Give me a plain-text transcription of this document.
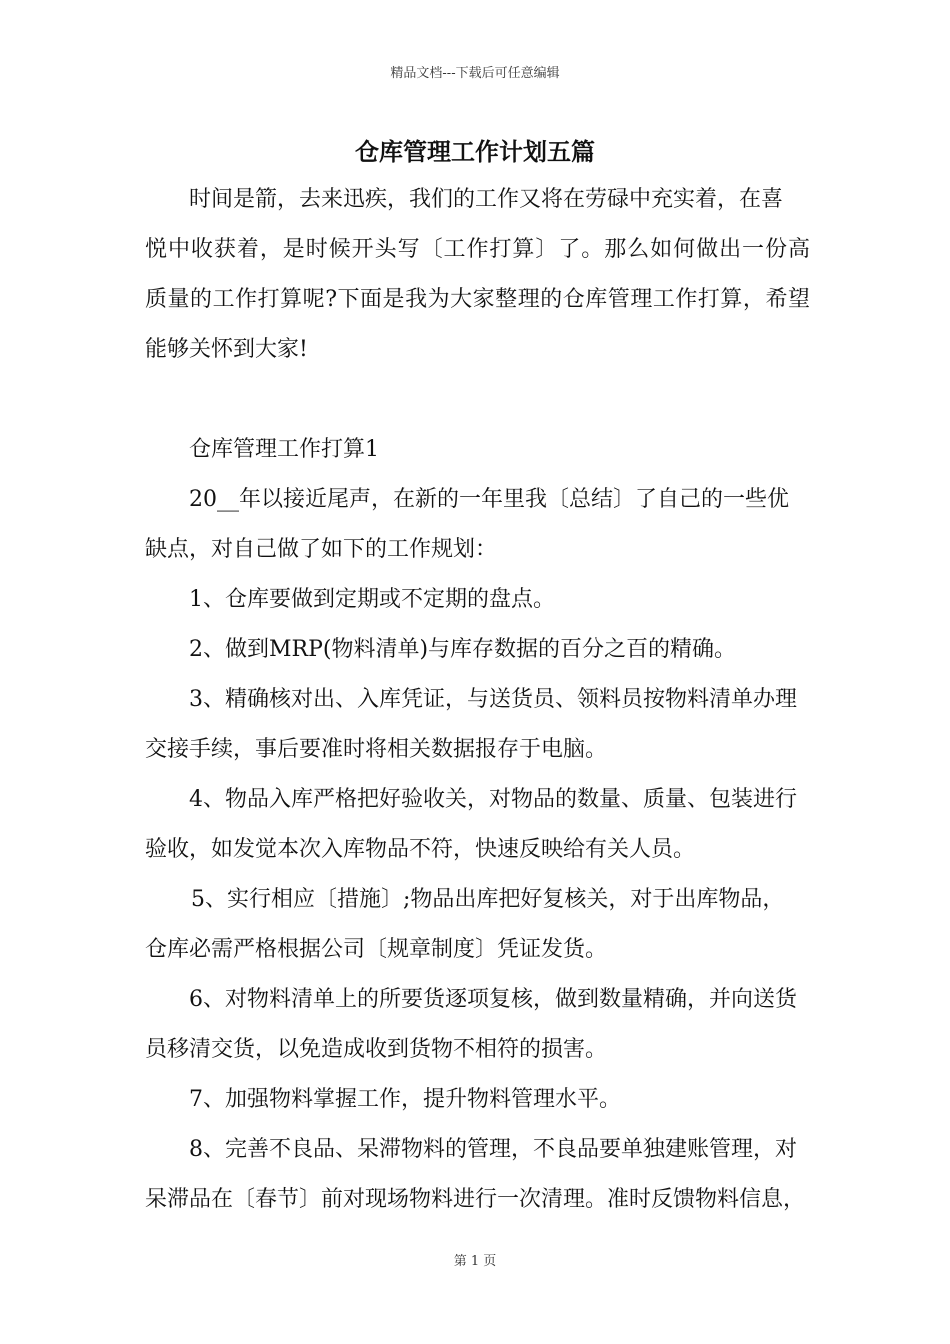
精品文档---下载后可任意编辑
仓库管理工作计划五篇
时间是箭，去来迅疾，我们的工作又将在劳碌中充实着，在喜
悦中收获着，是时候开头写〔工作打算〕了。那么如何做出一份高
质量的工作打算呢?下面是我为大家整理的仓库管理工作打算，希望
能够关怀到大家!
仓库管理工作打算1
20__年以接近尾声，在新的一年里我〔总结〕了自己的一些优
缺点，对自己做了如下的工作规划：
1、仓库要做到定期或不定期的盘点。
2、做到MRP(物料清单)与库存数据的百分之百的精确。
3、精确核对出、入库凭证，与送货员、领料员按物料清单办理
交接手续，事后要准时将相关数据报存于电脑。
4、物品入库严格把好验收关，对物品的数量、质量、包装进行
验收，如发觉本次入库物品不符，快速反映给有关人员。
5、实行相应〔措施〕;物品出库把好复核关，对于出库物品，
仓库必需严格根据公司〔规章制度〕凭证发货。
6、对物料清单上的所要货逐项复核，做到数量精确，并向送货
员移清交货，以免造成收到货物不相符的损害。
7、加强物料掌握工作，提升物料管理水平。
8、完善不良品、呆滞物料的管理，不良品要单独建账管理，对
呆滞品在〔春节〕前对现场物料进行一次清理。准时反馈物料信息，
第 1 页
